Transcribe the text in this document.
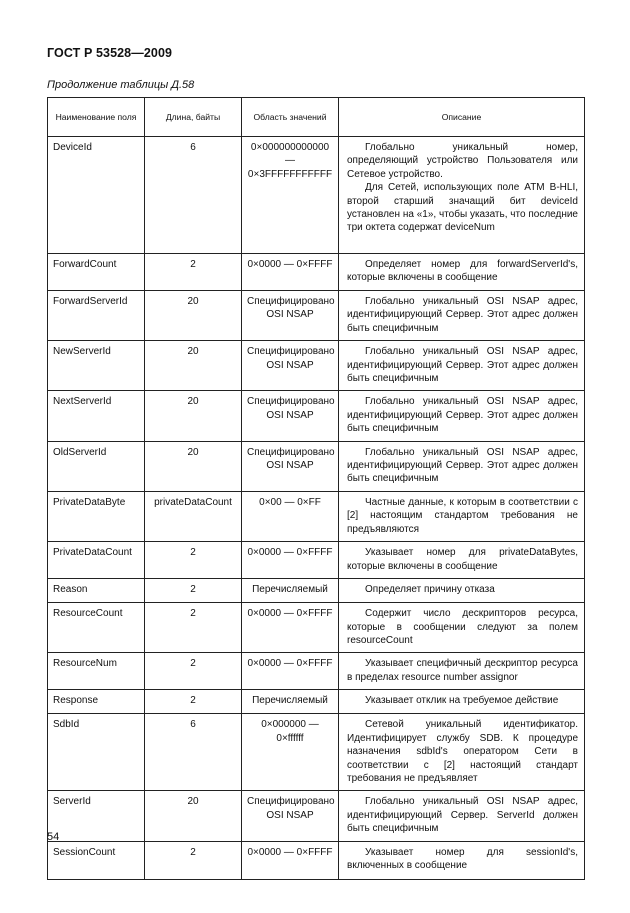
ГОСТ Р 53528—2009
Продолжение таблицы Д.58
Наименование поля	Длина, байты	Область значений	Описание
DeviceId	6	0×000000000000 — 0×3FFFFFFFFFFF	Глобально уникальный номер, определяющий устройство Пользователя или Сетевое устройство.

Для Сетей, использующих поле ATM B-HLI, второй старший значащий бит deviceId установлен на «1», чтобы указать, что последние три октета содержат deviceNum

ForwardCount	2	0×0000 — 0×FFFF	Определяет номер для forwardServerId's, которые включены в сообщение

ForwardServerId	20	Специфицировано OSI NSAP	Глобально уникальный OSI NSAP адрес, идентифицирующий Сервер. Этот адрес должен быть специфичным

NewServerId	20	Специфицировано OSI NSAP	Глобально уникальный OSI NSAP адрес, идентифицирующий Сервер. Этот адрес должен быть специфичным

NextServerId	20	Специфицировано OSI NSAP	Глобально уникальный OSI NSAP адрес, идентифицирующий Сервер. Этот адрес должен быть специфичным

OldServerId	20	Специфицировано OSI NSAP	Глобально уникальный OSI NSAP адрес, идентифицирующий Сервер. Этот адрес должен быть специфичным

PrivateDataByte	privateDataCount	0×00 — 0×FF	Частные данные, к которым в соответствии с [2] настоящим стандартом требования не предъявляются

PrivateDataCount	2	0×0000 — 0×FFFF	Указывает номер для privateDataBytes, которые включены в сообщение

Reason	2	Перечисляемый	Определяет причину отказа

ResourceCount	2	0×0000 — 0×FFFF	Содержит число дескрипторов ресурса, которые в сообщении следуют за полем resourceCount

ResourceNum	2	0×0000 — 0×FFFF	Указывает специфичный дескриптор ресурса в пределах resource number assignor

Response	2	Перечисляемый	Указывает отклик на требуемое действие

SdbId	6	0×000000 — 0×ffffff	Сетевой уникальный идентификатор. Идентифицирует службу SDB. К процедуре назначения sdbId's оператором Сети в соответствии с [2] настоящий стандарт требования не предъявляет

ServerId	20	Специфицировано OSI NSAP	Глобально уникальный OSI NSAP адрес, идентифицирующий Сервер. ServerId должен быть специфичным

SessionCount	2	0×0000 — 0×FFFF	Указывает номер для sessionId's, включенных в сообщение

54
